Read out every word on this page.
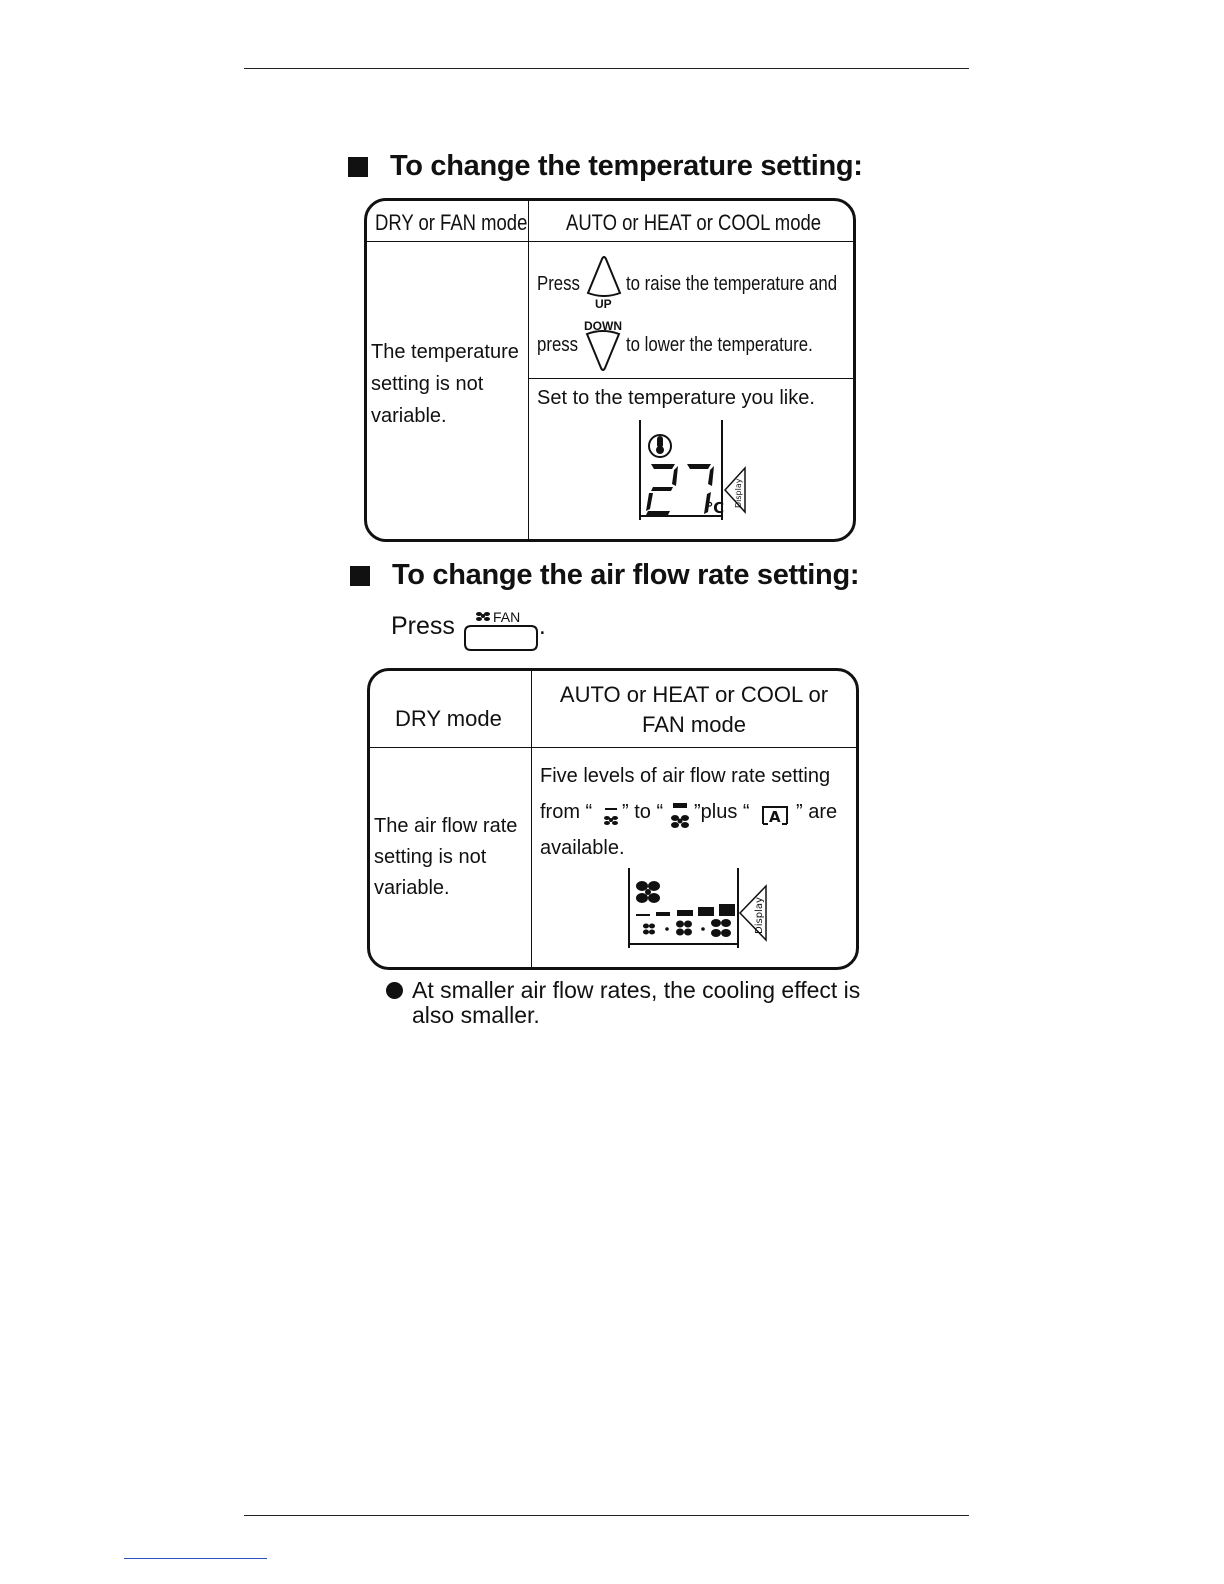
To change the temperature setting:
DRY or FAN mode AUTO or HEAT or COOL mode
The temperature
setting is not
variable.
Press
UP
to raise the temperature and
DOWN
press to lower the temperature.
Set to the temperature you like.
℃ Display
To change the air flow rate setting:
Press	FAN .
DRY mode
AUTO or HEAT or COOL or
FAN mode
The air flow rate
setting is not
variable.
Five levels of air flow rate setting
from “ ” to “ ”plus “ A ” are
available.
Display
At smaller air flow rates, the cooling effect is
also smaller.
